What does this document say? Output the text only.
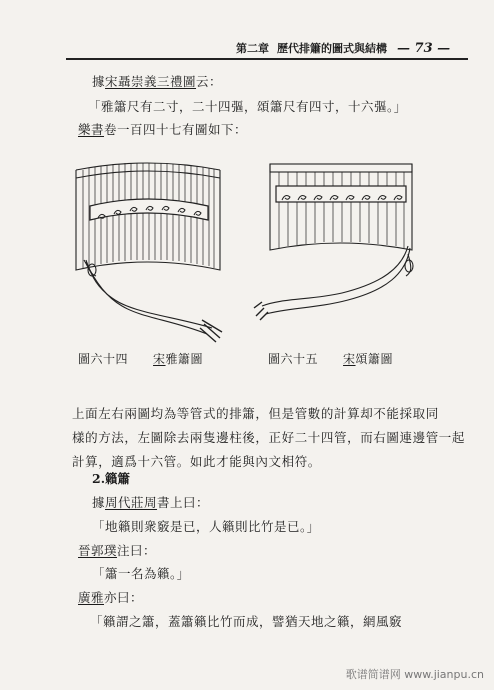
第二章 歷代排簫的圖式與結構 — 73 —
據宋聶崇義三禮圖云：
「雅簫尺有二寸，二十四彄，頌簫尺有四寸，十六彄。」
樂書卷一百四十七有圖如下：
圖六十四　　 宋雅簫圖	圖六十五　　 宋頌簫圖
上面左右兩圖均為等管式的排簫，但是管數的計算却不能採取同
樣的方法，左圖除去兩隻邊柱後，正好二十四管，而右圖連邊管一起
計算，適爲十六管。如此才能與內文相符。
2.籟簫
據周代莊周書上曰：
「地籟則衆竅是已，人籟則比竹是已。」
晉郭璞注曰：
「簫一名為籟。」
廣雅亦曰：
「籟謂之簫，蓋簫籟比竹而成，譬猶天地之籟，網風竅
歌谱简谱网 www.jianpu.cn
